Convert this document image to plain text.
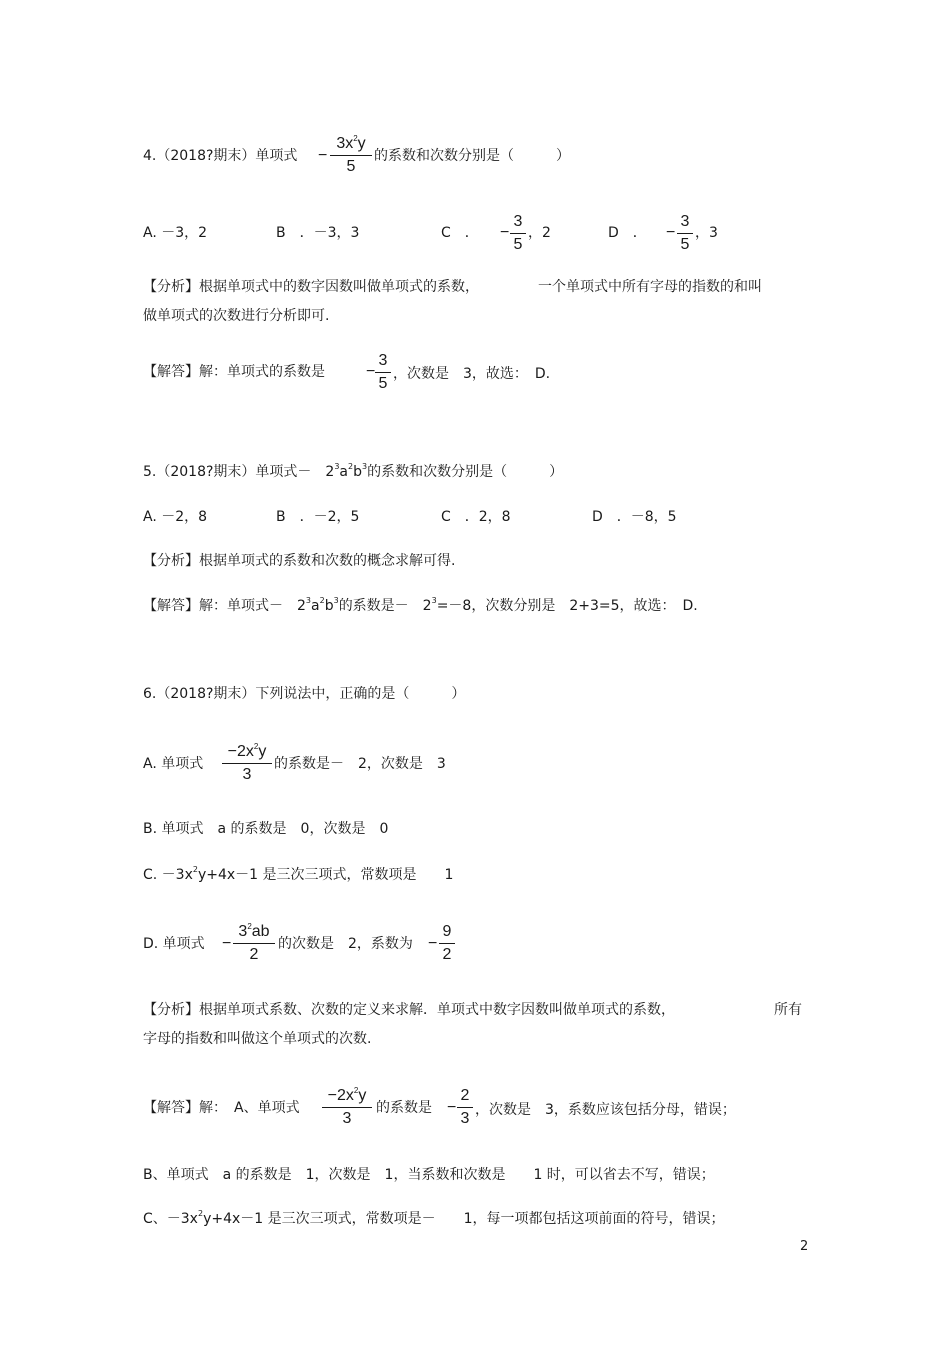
4.（2018?期末）单项式 −
$3x^2y$
5
的系数和次数分别是（　　　）
A. －3，2	B　．－3，3	C　． −
3
5
，2	D　． −
3
5
，3
【分析】根据单项式中的数字因数叫做单项式的系数，	一个单项式中所有字母的指数的和叫
做单项式的次数进行分析即可.
【解答】解：单项式的系数是	−
3
5
，次数是　3，故选：　D.
5.（2018?期末）单项式－　$2^3a^2b^3$的系数和次数分别是（　　　）
A. －2，8	B　．－2，5	C　．2，8	D　．－8，5
【分析】根据单项式的系数和次数的概念求解可得.
【解答】解：单项式－　$2^3a^2b^3$的系数是－　$2^3=-8$，次数分别是　2+3=5，故选：　D.
6.（2018?期末）下列说法中，正确的是（　　　）
A. 单项式
$-2x^2y$
3
的系数是－　2，次数是　3
B. 单项式　a 的系数是　0，次数是　0
C. $-3x^2y+4x-1$ 是三次三项式，常数项是　　1
D. 单项式 −
$3^2ab$
2
的次数是　2，系数为 −
9
2
【分析】根据单项式系数、次数的定义来求解．单项式中数字因数叫做单项式的系数，	所有
字母的指数和叫做这个单项式的次数.
【解答】解：　A、单项式
$-2x^2y$
3
的系数是 −
2
3 ，次数是　3，系数应该包括分母，错误；
B、单项式　a 的系数是　1，次数是　1，当系数和次数是　　1 时，可以省去不写，错误；
C、$-3x^2y+4x-1$ 是三次三项式，常数项是－　　1，每一项都包括这项前面的符号，错误；
2
